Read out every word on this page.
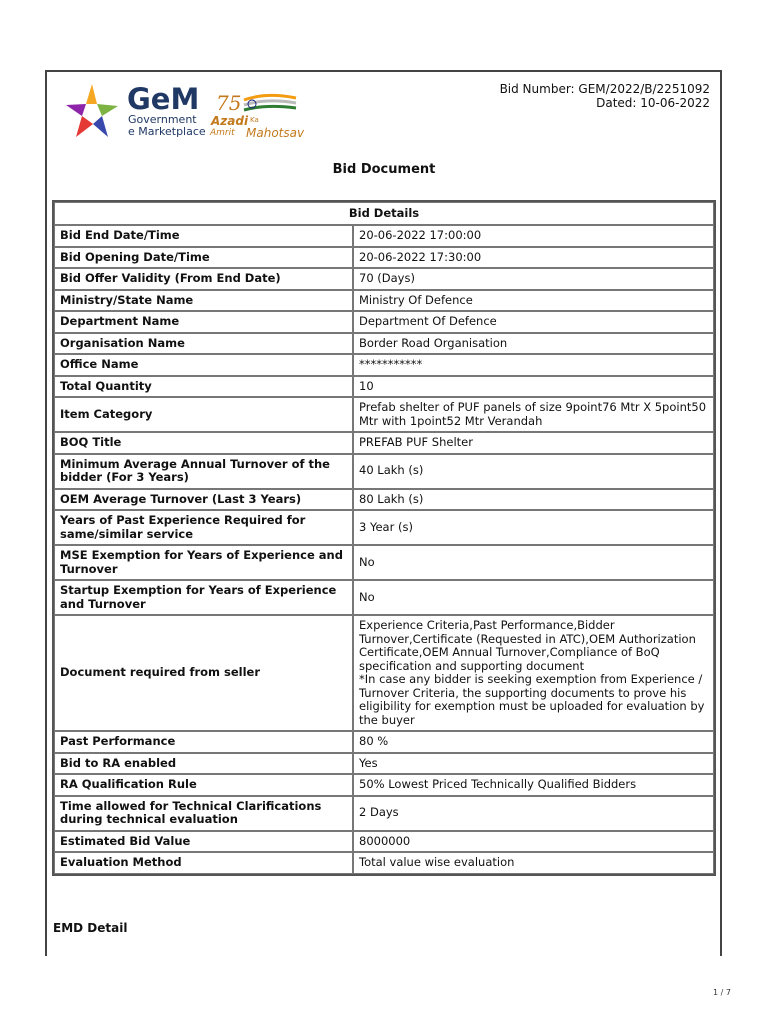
GeM
Government
e Marketplace
75
Azadi Ka
Amrit Mahotsav
Bid Number: GEM/2022/B/2251092
Dated: 10-06-2022
Bid Document
Bid Details	
Bid End Date/Time	20-06-2022 17:00:00
Bid Opening Date/Time	20-06-2022 17:30:00
Bid Offer Validity (From End Date)	70 (Days)
Ministry/State Name	Ministry Of Defence
Department Name	Department Of Defence
Organisation Name	Border Road Organisation
Office Name	***********
Total Quantity	10
Item Category	Prefab shelter of PUF panels of size 9point76 Mtr X 5point50 Mtr with 1point52 Mtr Verandah
BOQ Title	PREFAB PUF Shelter
Minimum Average Annual Turnover of the bidder (For 3 Years)	40 Lakh (s)
OEM Average Turnover (Last 3 Years)	80 Lakh (s)
Years of Past Experience Required for same/similar service	3 Year (s)
MSE Exemption for Years of Experience and Turnover	No
Startup Exemption for Years of Experience and Turnover	No
Document required from seller	Experience Criteria,Past Performance,Bidder Turnover,Certificate (Requested in ATC),OEM Authorization Certificate,OEM Annual Turnover,Compliance of BoQ specification and supporting document
*In case any bidder is seeking exemption from Experience / Turnover Criteria, the supporting documents to prove his eligibility for exemption must be uploaded for evaluation by the buyer
Past Performance	80 %
Bid to RA enabled	Yes
RA Qualification Rule	50% Lowest Priced Technically Qualified Bidders
Time allowed for Technical Clarifications during technical evaluation	2 Days
Estimated Bid Value	8000000
Evaluation Method	Total value wise evaluation
EMD Detail
1 / 7
